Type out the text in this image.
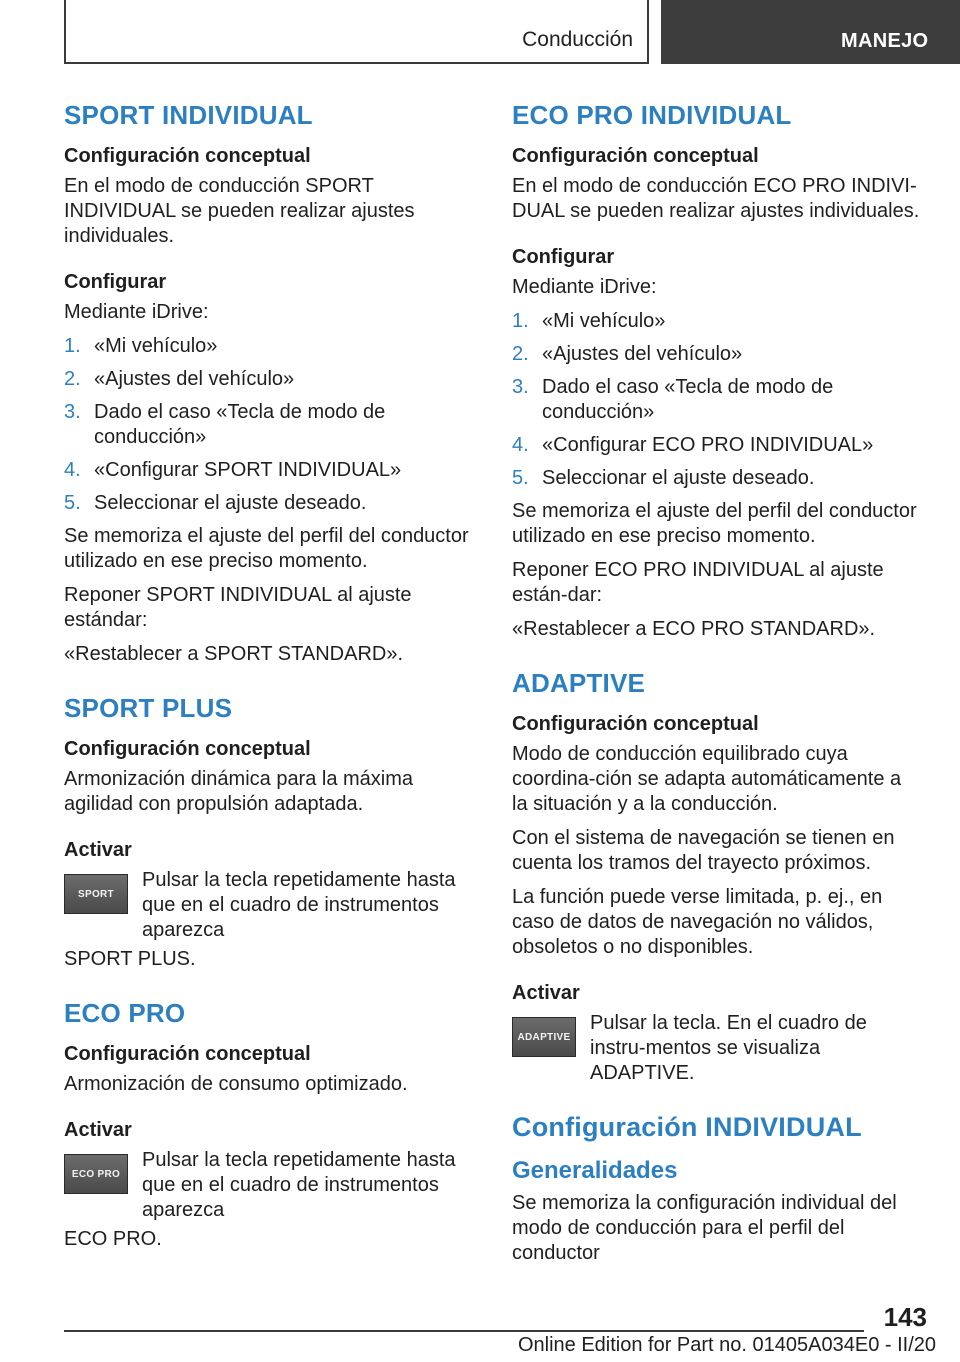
Conducción	MANEJO
SPORT INDIVIDUAL
Configuración conceptual

En el modo de conducción SPORT INDIVIDUAL se pueden realizar ajustes individuales.

Configurar

Mediante iDrive:

1. «Mi vehículo»
2. «Ajustes del vehículo»
3. Dado el caso «Tecla de modo de conducción»
4. «Configurar SPORT INDIVIDUAL»
5. Seleccionar el ajuste deseado.

Se memoriza el ajuste del perfil del conductor utilizado en ese preciso momento.

Reponer SPORT INDIVIDUAL al ajuste estándar:

«Restablecer a SPORT STANDARD».

SPORT PLUS
Configuración conceptual

Armonización dinámica para la máxima agilidad con propulsión adaptada.

Activar
SPORT
Pulsar la tecla repetidamente hasta que en el cuadro de instrumentos aparezca

SPORT PLUS.

ECO PRO
Configuración conceptual

Armonización de consumo optimizado.

Activar
ECO PRO
Pulsar la tecla repetidamente hasta que en el cuadro de instrumentos aparezca

ECO PRO.

ECO PRO INDIVIDUAL
Configuración conceptual

En el modo de conducción ECO PRO INDIVI-DUAL se pueden realizar ajustes individuales.

Configurar

Mediante iDrive:

1. «Mi vehículo»
2. «Ajustes del vehículo»
3. Dado el caso «Tecla de modo de conducción»
4. «Configurar ECO PRO INDIVIDUAL»
5. Seleccionar el ajuste deseado.

Se memoriza el ajuste del perfil del conductor utilizado en ese preciso momento.

Reponer ECO PRO INDIVIDUAL al ajuste están-dar:

«Restablecer a ECO PRO STANDARD».

ADAPTIVE
Configuración conceptual

Modo de conducción equilibrado cuya coordina-ción se adapta automáticamente a la situación y a la conducción.

Con el sistema de navegación se tienen en cuenta los tramos del trayecto próximos.

La función puede verse limitada, p. ej., en caso de datos de navegación no válidos, obsoletos o no disponibles.

Activar
ADAPTIVE
Pulsar la tecla. En el cuadro de instru-mentos se visualiza ADAPTIVE.
Configuración INDIVIDUAL
Generalidades

Se memoriza la configuración individual del modo de conducción para el perfil del conductor

143
Online Edition for Part no. 01405A034E0 - II/20
